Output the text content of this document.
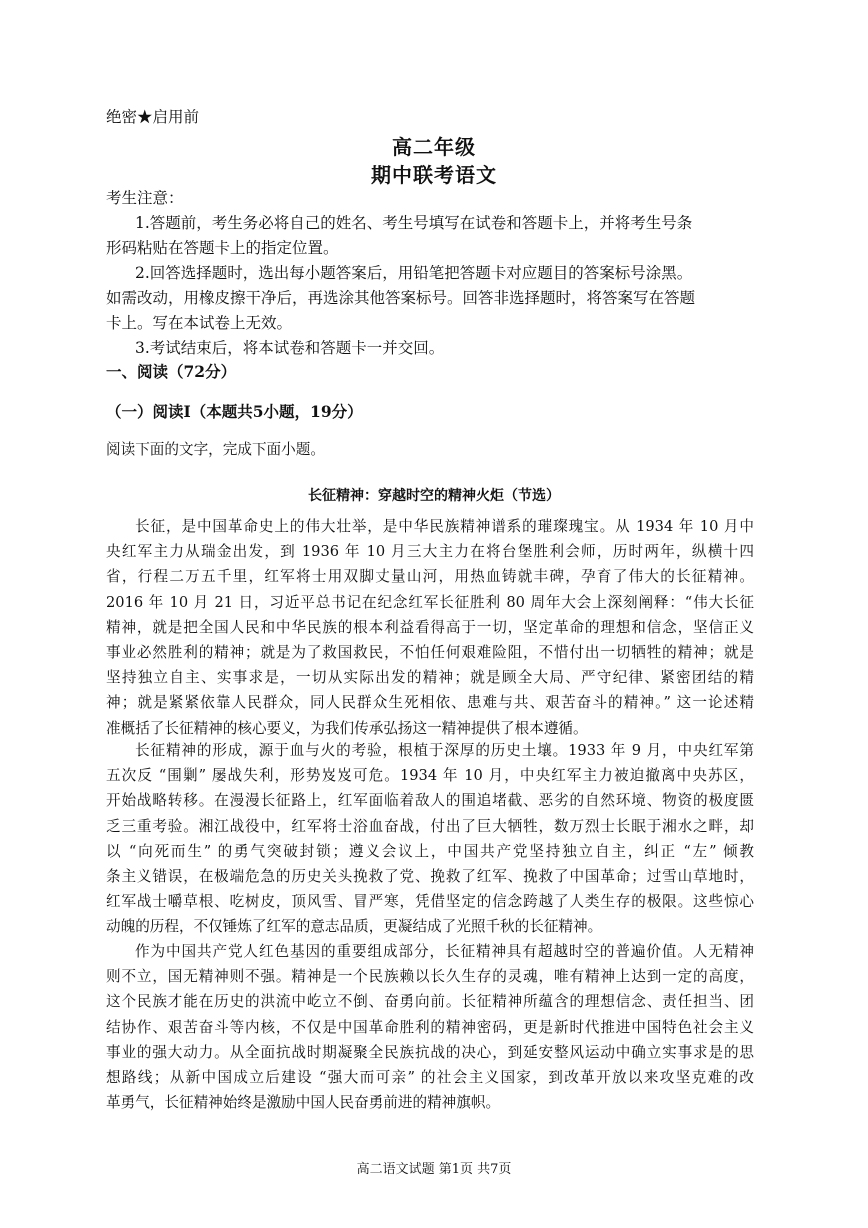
绝密★启用前
高二年级
期中联考语文
考生注意：
1.答题前，考生务必将自己的姓名、考生号填写在试卷和答题卡上，并将考生号条
形码粘贴在答题卡上的指定位置。
2.回答选择题时，选出每小题答案后，用铅笔把答题卡对应题目的答案标号涂黑。
如需改动，用橡皮擦干净后，再选涂其他答案标号。回答非选择题时，将答案写在答题
卡上。写在本试卷上无效。
3.考试结束后，将本试卷和答题卡一并交回。
一、阅读（72分）
（一）阅读Ⅰ（本题共5小题，19分）
阅读下面的文字，完成下面小题。
长征精神：穿越时空的精神火炬（节选）
长征，是中国革命史上的伟大壮举，是中华民族精神谱系的璀璨瑰宝。从 1934 年 10 月中
央红军主力从瑞金出发，到 1936 年 10 月三大主力在将台堡胜利会师，历时两年，纵横十四
省，行程二万五千里，红军将士用双脚丈量山河，用热血铸就丰碑，孕育了伟大的长征精神。
2016 年 10 月 21 日，习近平总书记在纪念红军长征胜利 80 周年大会上深刻阐释：“伟大长征
精神，就是把全国人民和中华民族的根本利益看得高于一切，坚定革命的理想和信念，坚信正义
事业必然胜利的精神；就是为了救国救民，不怕任何艰难险阻，不惜付出一切牺牲的精神；就是
坚持独立自主、实事求是，一切从实际出发的精神；就是顾全大局、严守纪律、紧密团结的精
神；就是紧紧依靠人民群众，同人民群众生死相依、患难与共、艰苦奋斗的精神。” 这一论述精
准概括了长征精神的核心要义，为我们传承弘扬这一精神提供了根本遵循。
长征精神的形成，源于血与火的考验，根植于深厚的历史土壤。1933 年 9 月，中央红军第
五次反 “围剿” 屡战失利，形势岌岌可危。1934 年 10 月，中央红军主力被迫撤离中央苏区，
开始战略转移。在漫漫长征路上，红军面临着敌人的围追堵截、恶劣的自然环境、物资的极度匮
乏三重考验。湘江战役中，红军将士浴血奋战，付出了巨大牺牲，数万烈士长眠于湘水之畔，却
以 “向死而生” 的勇气突破封锁；遵义会议上，中国共产党坚持独立自主，纠正 “左” 倾教
条主义错误，在极端危急的历史关头挽救了党、挽救了红军、挽救了中国革命；过雪山草地时，
红军战士嚼草根、吃树皮，顶风雪、冒严寒，凭借坚定的信念跨越了人类生存的极限。这些惊心
动魄的历程，不仅锤炼了红军的意志品质，更凝结成了光照千秋的长征精神。
作为中国共产党人红色基因的重要组成部分，长征精神具有超越时空的普遍价值。人无精神
则不立，国无精神则不强。精神是一个民族赖以长久生存的灵魂，唯有精神上达到一定的高度，
这个民族才能在历史的洪流中屹立不倒、奋勇向前。长征精神所蕴含的理想信念、责任担当、团
结协作、艰苦奋斗等内核，不仅是中国革命胜利的精神密码，更是新时代推进中国特色社会主义
事业的强大动力。从全面抗战时期凝聚全民族抗战的决心，到延安整风运动中确立实事求是的思
想路线；从新中国成立后建设 “强大而可亲” 的社会主义国家，到改革开放以来攻坚克难的改
革勇气，长征精神始终是激励中国人民奋勇前进的精神旗帜。
高二语文试题 第1页 共7页
